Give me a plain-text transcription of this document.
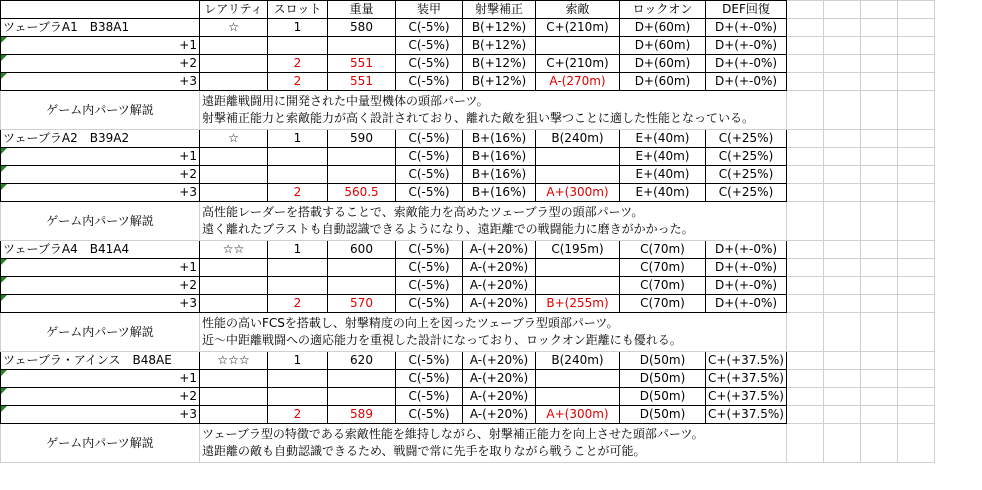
	レアリティ	スロット	重量	装甲	射撃補正	索敵	ロックオン	DEF回復				
ツェーブラA1　B38A1	☆	1	580	C(-5%)	B(+12%)	C+(210m)	D+(60m)	D+(+-0%)				

+1				C(-5%)	B(+12%)		D+(60m)	D+(+-0%)				

+2		2	551	C(-5%)	B(+12%)	C+(210m)	D+(60m)	D+(+-0%)				

+3		2	551	C(-5%)	B(+12%)	A-(270m)	D+(60m)	D+(+-0%)				
ゲーム内パーツ解説	遠距離戦闘用に開発された中量型機体の頭部パーツ。
射撃補正能力と索敵能力が高く設計されており、離れた敵を狙い撃つことに適した性能となっている。											

ツェーブラA2　B39A2	☆	1	590	C(-5%)	B+(16%)	B(240m)	E+(40m)	C(+25%)				

+1				C(-5%)	B+(16%)		E+(40m)	C(+25%)				

+2				C(-5%)	B+(16%)		E+(40m)	C(+25%)				

+3		2	560.5	C(-5%)	B+(16%)	A+(300m)	E+(40m)	C(+25%)				
ゲーム内パーツ解説	高性能レーダーを搭載することで、索敵能力を高めたツェーブラ型の頭部パーツ。
遠く離れたブラストも自動認識できるようになり、遠距離での戦闘能力に磨きがかかった。											

ツェーブラA4　B41A4	☆☆	1	600	C(-5%)	A-(+20%)	C(195m)	C(70m)	D+(+-0%)				

+1				C(-5%)	A-(+20%)		C(70m)	D+(+-0%)				

+2				C(-5%)	A-(+20%)		C(70m)	D+(+-0%)				

+3		2	570	C(-5%)	A-(+20%)	B+(255m)	C(70m)	D+(+-0%)				
ゲーム内パーツ解説	性能の高いFCSを搭載し、射撃精度の向上を図ったツェーブラ型頭部パーツ。
近～中距離戦闘への適応能力を重視した設計になっており、ロックオン距離にも優れる。											

ツェーブラ・アインス　B48AE	☆☆☆	1	620	C(-5%)	A-(+20%)	B(240m)	D(50m)	C+(+37.5%)				

+1				C(-5%)	A-(+20%)		D(50m)	C+(+37.5%)				

+2				C(-5%)	A-(+20%)		D(50m)	C+(+37.5%)				

+3		2	589	C(-5%)	A-(+20%)	A+(300m)	D(50m)	C+(+37.5%)				
ゲーム内パーツ解説	ツェーブラ型の特徴である索敵性能を維持しながら、射撃補正能力を向上させた頭部パーツ。
遠距離の敵も自動認識できるため、戦闘で常に先手を取りながら戦うことが可能。											
